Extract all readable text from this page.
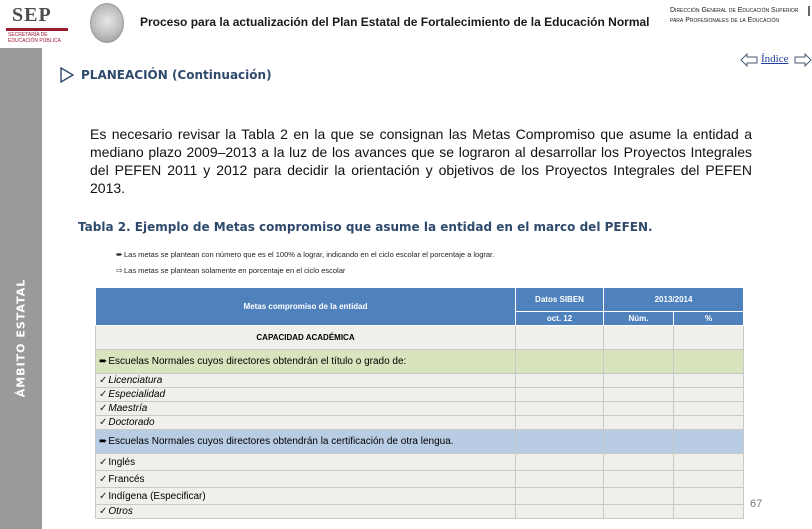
SEP
SECRETARÍA DE EDUCACIÓN PÚBLICA
Proceso para la actualización del Plan Estatal de Fortalecimiento de la Educación Normal
Dirección General de Educación Superior para Profesionales de la Educación
ÁMBITO ESTATAL
PLANEACIÓN (Continuación)
Índice

Es necesario revisar la Tabla 2 en la que se consignan las Metas Compromiso que asume la entidad a mediano plazo 2009–2013 a la luz de los avances que se lograron al desarrollar los Proyectos Integrales del PEFEN 2011 y 2012 para decidir la orientación y objetivos de los Proyectos Integrales del PEFEN 2013.

Tabla 2. Ejemplo de Metas compromiso que asume la entidad en el marco del PEFEN.
➨Las metas se plantean con número que es el 100% a lograr, indicando en el ciclo escolar el porcentaje a lograr.
⇨Las metas se plantean solamente en porcentaje en el ciclo escolar
Metas compromiso de la entidad	Datos SIBEN	2013/2014	
	oct. 12	Núm.	%
CAPACIDAD ACADÉMICA			
➨Escuelas Normales cuyos directores obtendrán el título o grado de:			
✓Licenciatura			
✓Especialidad			
✓Maestría			
✓Doctorado			
➨Escuelas Normales cuyos directores obtendrán la certificación de otra lengua.			
✓Inglés			
✓Francés			
✓Indígena (Especificar)			
✓Otros			
67
